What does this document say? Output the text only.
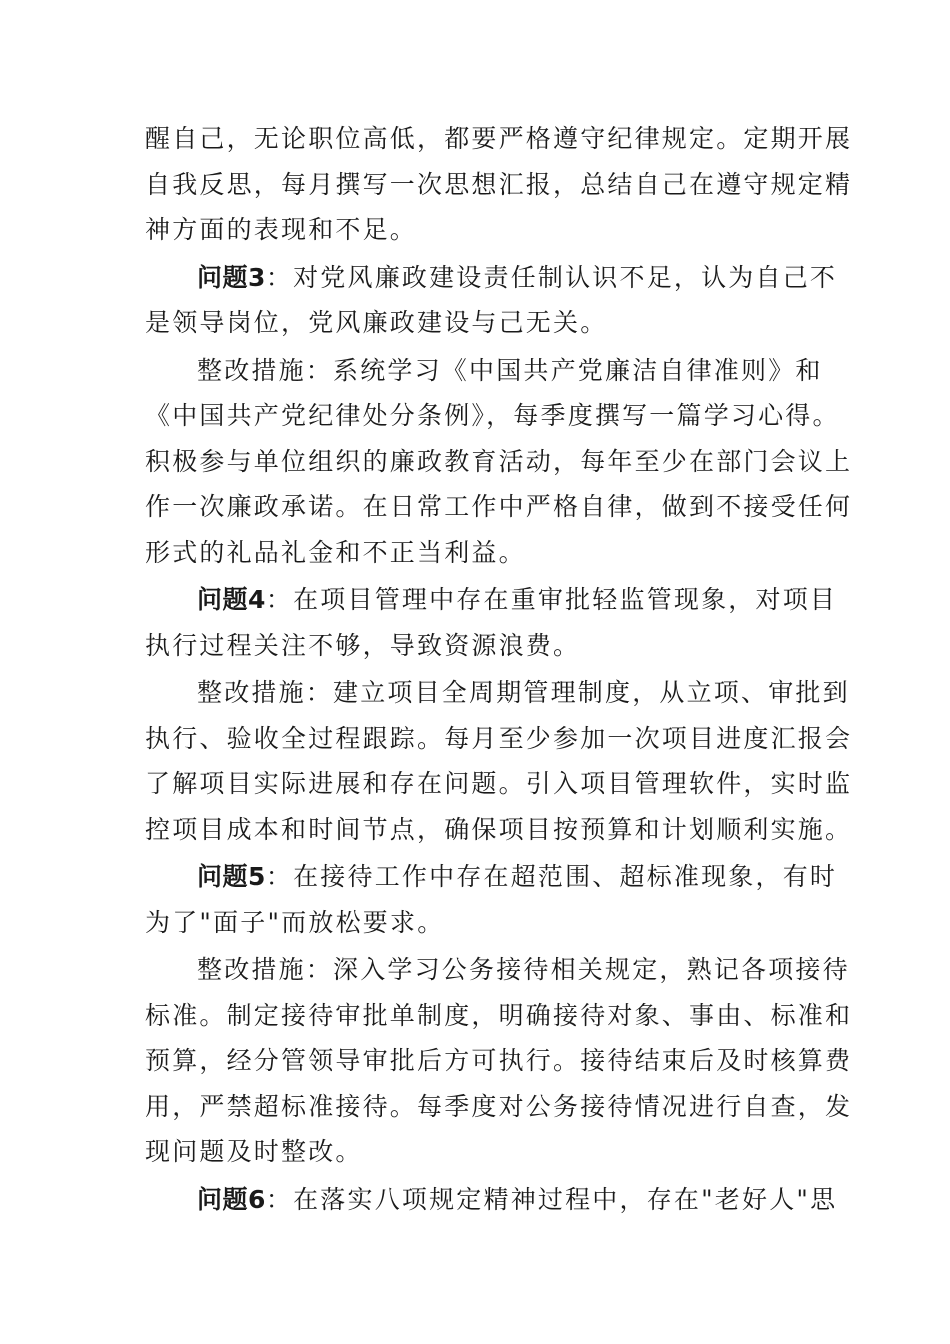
醒自己，无论职位高低，都要严格遵守纪律规定。定期开展
自我反思，每月撰写一次思想汇报，总结自己在遵守规定精
神方面的表现和不足。

问题3：对党风廉政建设责任制认识不足，认为自己不
是领导岗位，党风廉政建设与己无关。

整改措施：系统学习《中国共产党廉洁自律准则》和
《中国共产党纪律处分条例》，每季度撰写一篇学习心得。
积极参与单位组织的廉政教育活动，每年至少在部门会议上
作一次廉政承诺。在日常工作中严格自律，做到不接受任何
形式的礼品礼金和不正当利益。

问题4：在项目管理中存在重审批轻监管现象，对项目
执行过程关注不够，导致资源浪费。

整改措施：建立项目全周期管理制度，从立项、审批到
执行、验收全过程跟踪。每月至少参加一次项目进度汇报会
了解项目实际进展和存在问题。引入项目管理软件，实时监
控项目成本和时间节点，确保项目按预算和计划顺利实施。

问题5：在接待工作中存在超范围、超标准现象，有时
为了"面子"而放松要求。

整改措施：深入学习公务接待相关规定，熟记各项接待
标准。制定接待审批单制度，明确接待对象、事由、标准和
预算，经分管领导审批后方可执行。接待结束后及时核算费
用，严禁超标准接待。每季度对公务接待情况进行自查，发
现问题及时整改。

问题6：在落实八项规定精神过程中，存在"老好人"思
